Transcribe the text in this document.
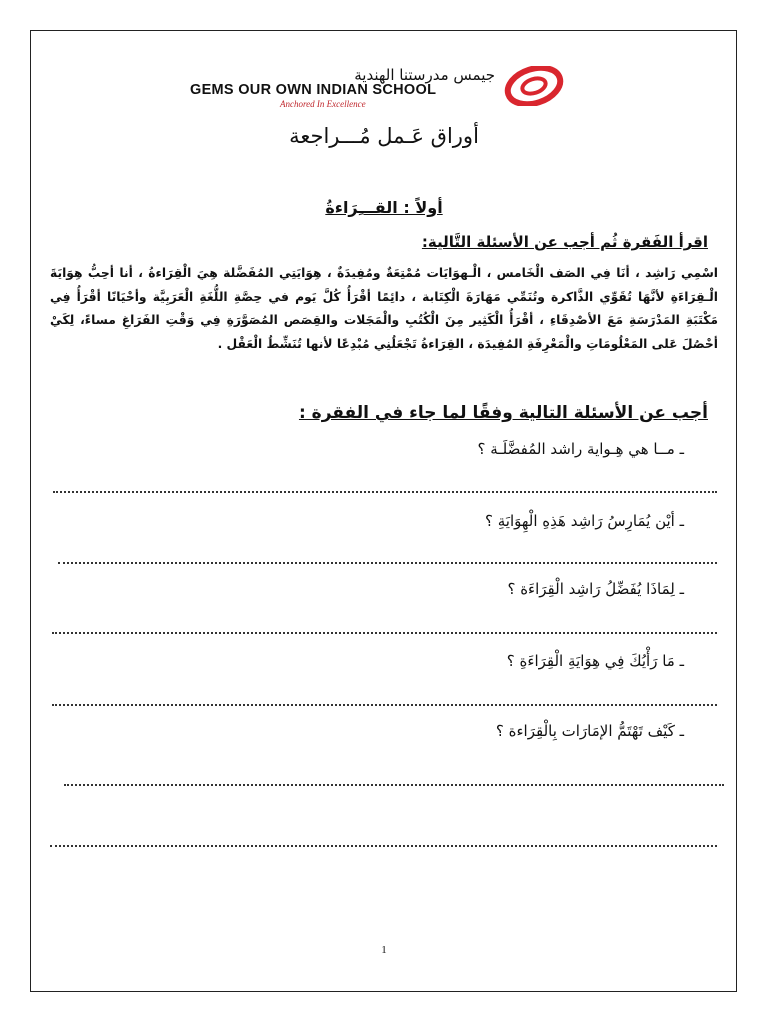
جيمس مدرستنا الهندية
GEMS OUR OWN INDIAN SCHOOL
Anchored In Excellence
أوراق عَـمل مُـــراجعة
أولاً : القـــِرَاءةُ
اقرأ الفَقرة ثُم أجب عن الأسئلة التَّالية:
اسْمِي رَاشِد ، أنَا فِي الصَف الْخَامس ، الْـهوَايَات مُمْتِعَةٌ ومُفِيدَةٌ ، هِوَايَتِي المُفَضَّلة هِيَ الْقِرَاءةُ ، أنا أحِبُّ هِوَايَةَ الْـقِرَاءَةِ لأنَّهَا تُقَوِّي الذَّاكرة وتُنَمِّي مَهَارَةَ الْكِتَابة ، دائِمًا أقْرَأُ كُلَّ يَوم في حِصَّةِ اللُّغَةِ الْعَرَبِيَّة وأحْيَانًا أقْرَأُ فِي مَكْتَبَةِ المَدْرَسَةِ مَعَ الأصْدِقَاءِ ، أقْرَأُ الْكَثِير مِنَ الْكُتُبِ والْمَجَلات والقِصَص المُصَوَّرَةِ فِي وَقْتِ الفَرَاغِ مساءً، لِكَيْ أحْصُلَ عَلى المَعْلُومَاتِ والْمَعْرِفَةِ المُفِيدَة ، القِرَاءةُ تَجْعَلُنِي مُبْدِعًا لأنها تُنَشِّطُ الْعَقْل .
أجب عن الأسئلة التالية وفقًا لما جاء في الفقرة :
ـ مــا هي هِـواية راشد المُفضَّلَـة ؟
ـ أيْن يُمَارِسُ رَاشِد هَذِهِ الْهِوَايَةِ ؟
ـ لِمَاذَا يُفَضِّلُ رَاشِد الْقِرَاءَة ؟
ـ مَا رَأْيُكَ فِي هِوَايَةِ الْقِرَاءَةِ ؟
ـ كَيْف تَهْتَمُّ الإمَارَات بِالْقِرَاءة ؟
1
